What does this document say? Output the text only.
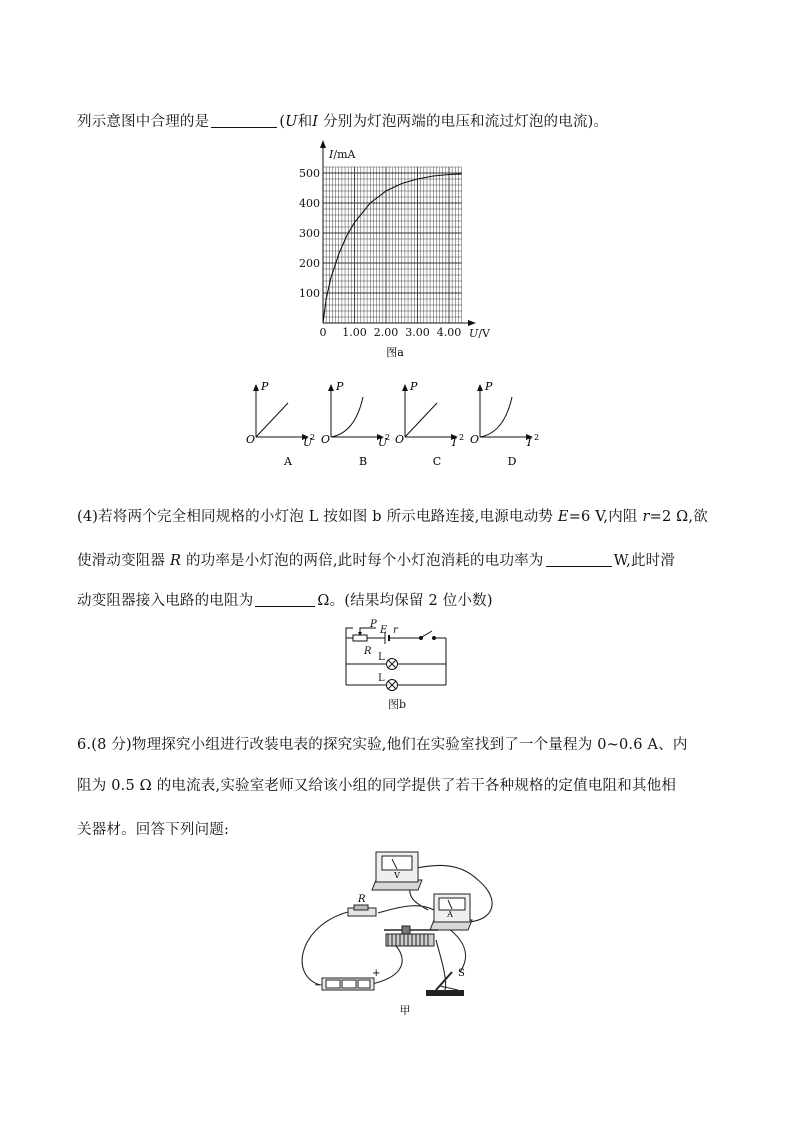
列示意图中合理的是	(U和I 分别为灯泡两端的电压和流过灯泡的电流)。
I/mA
U/V
500
400
300
200
100
0 1.00 2.00 3.00 4.00
图a
P
O	U
2
A
P
O	U
2
B
P
O	I 2
C
P
O	I 2
D
(4)若将两个完全相同规格的小灯泡 L 按如图 b 所示电路连接,电源电动势 E=6 V,内阻 r=2 Ω,欲
使滑动变阻器 R 的功率是小灯泡的两倍,此时每个小灯泡消耗的电功率为	W,此时滑
动变阻器接入电路的电阻为	Ω。(结果均保留 2 位小数)
P
E r
R
L
L
图b
6.(8 分)物理探究小组进行改装电表的探究实验,他们在实验室找到了一个量程为 0~0.6 A、内
阻为 0.5 Ω 的电流表,实验室老师又给该小组的同学提供了若干各种规格的定值电阻和其他相
关器材。回答下列问题:
V
A
R
−
+	S
甲
